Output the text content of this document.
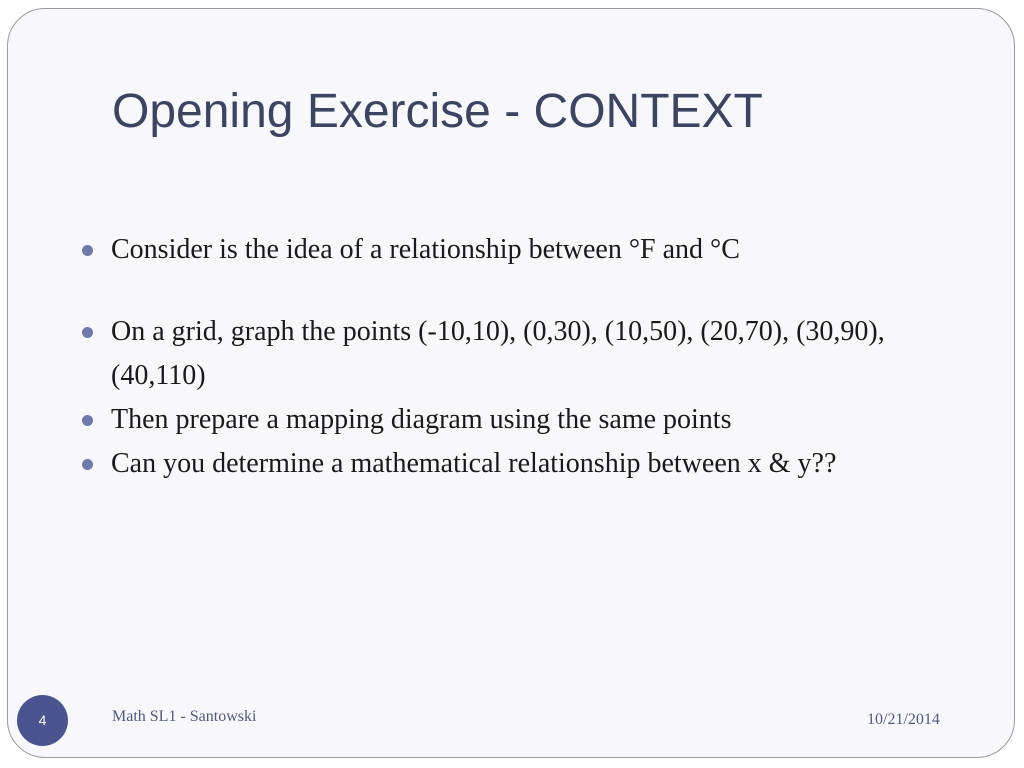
Opening Exercise - CONTEXT
Consider is the idea of a relationship between °F and °C
On a grid, graph the points (-10,10), (0,30), (10,50), (20,70), (30,90), (40,110)
Then prepare a mapping diagram using the same points
Can you determine a mathematical relationship between x & y??
4	Math SL1 - Santowski	10/21/2014
